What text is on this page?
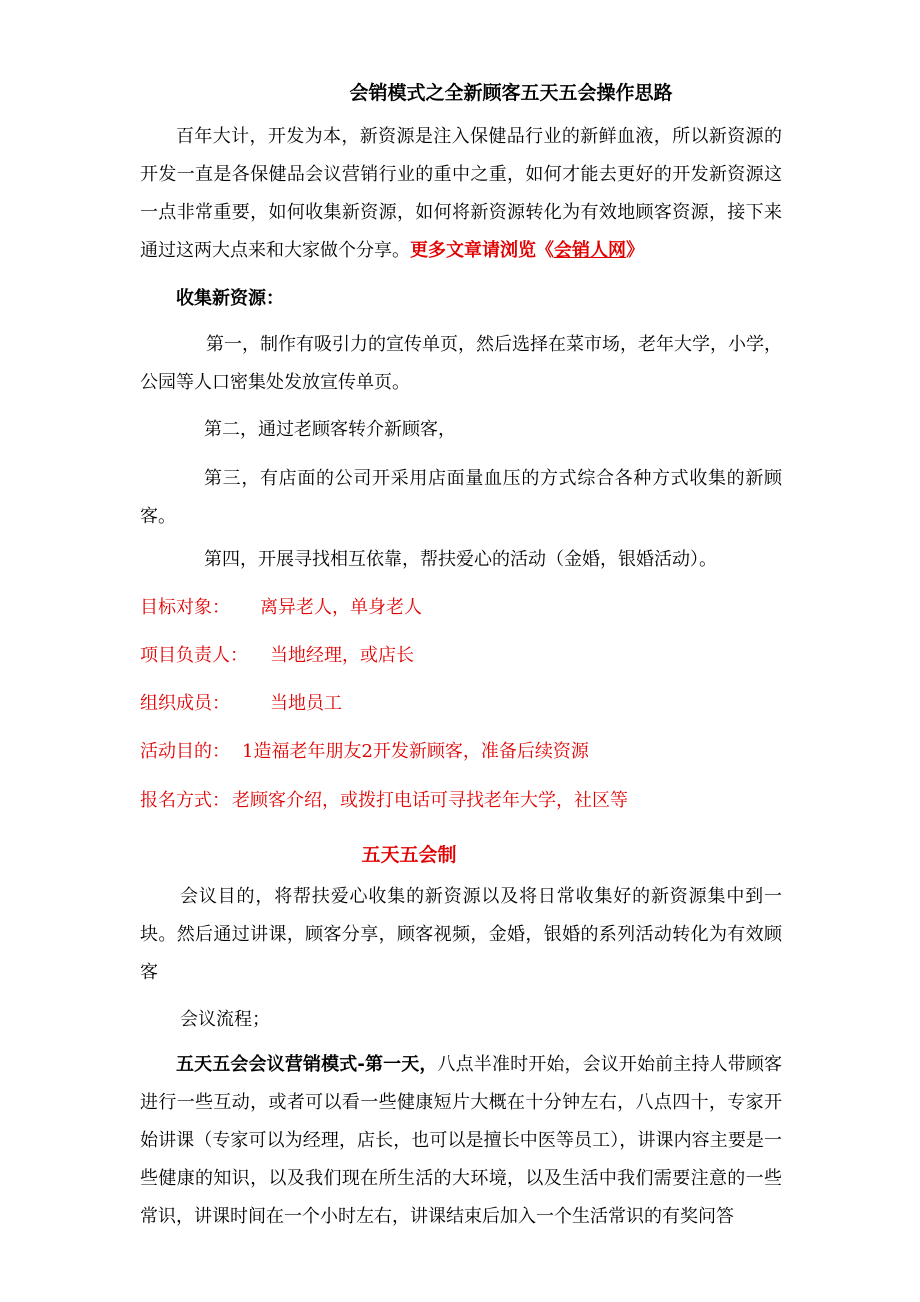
会销模式之全新顾客五天五会操作思路

百年大计，开发为本，新资源是注入保健品行业的新鲜血液，所以新资源的开发一直是各保健品会议营销行业的重中之重，如何才能去更好的开发新资源这一点非常重要，如何收集新资源，如何将新资源转化为有效地顾客资源，接下来通过这两大点来和大家做个分享。更多文章请浏览《会销人网》

收集新资源：

第一，制作有吸引力的宣传单页，然后选择在菜市场，老年大学，小学，公园等人口密集处发放宣传单页。

第二，通过老顾客转介新顾客，

第三，有店面的公司开采用店面量血压的方式综合各种方式收集的新顾客。

第四，开展寻找相互依靠，帮扶爱心的活动（金婚，银婚活动）。
目标对象： 离异老人，单身老人
项目负责人： 当地经理，或店长
组织成员： 当地员工
活动目的： 1造福老年朋友2开发新顾客，准备后续资源
报名方式： 老顾客介绍，或拨打电话可寻找老年大学，社区等
五天五会制

会议目的，将帮扶爱心收集的新资源以及将日常收集好的新资源集中到一块。然后通过讲课，顾客分享，顾客视频，金婚，银婚的系列活动转化为有效顾客

会议流程；

五天五会会议营销模式-第一天，八点半准时开始，会议开始前主持人带顾客进行一些互动，或者可以看一些健康短片大概在十分钟左右，八点四十，专家开始讲课（专家可以为经理，店长，也可以是擅长中医等员工），讲课内容主要是一些健康的知识，以及我们现在所生活的大环境，以及生活中我们需要注意的一些常识，讲课时间在一个小时左右，讲课结束后加入一个生活常识的有奖问答
